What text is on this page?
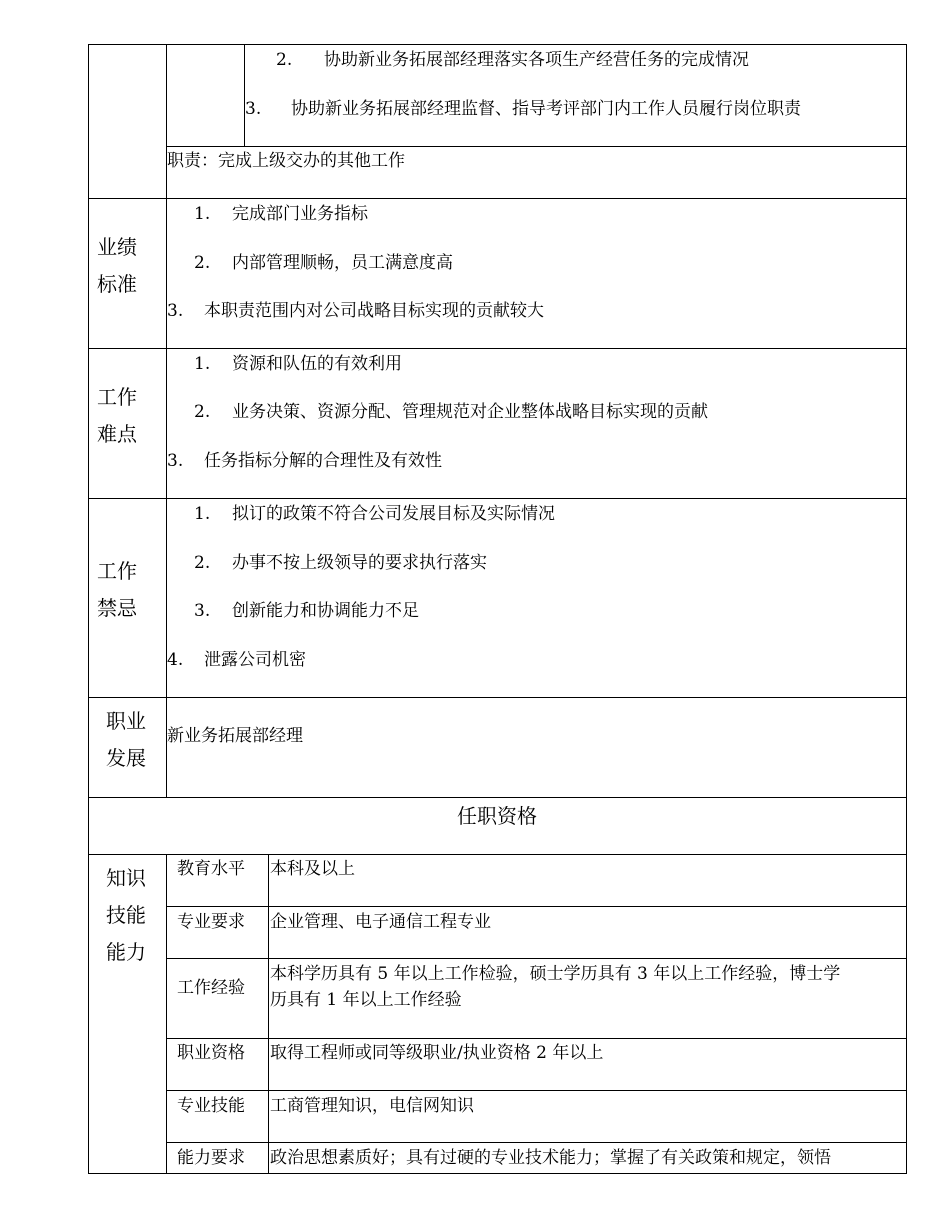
2. 协助新业务拓展部经理落实各项生产经营任务的完成情况
3. 协助新业务拓展部经理监督、指导考评部门内工作人员履行岗位职责
职责：完成上级交办的其他工作
业绩
标准
1. 完成部门业务指标
2. 内部管理顺畅，员工满意度高
3. 本职责范围内对公司战略目标实现的贡献较大
工作
难点
1. 资源和队伍的有效利用
2. 业务决策、资源分配、管理规范对企业整体战略目标实现的贡献
3. 任务指标分解的合理性及有效性
工作
禁忌
1. 拟订的政策不符合公司发展目标及实际情况
2. 办事不按上级领导的要求执行落实
3. 创新能力和协调能力不足
4. 泄露公司机密
职业
发展
新业务拓展部经理
任职资格
知识
技能
能力
教育水平 本科及以上
专业要求 企业管理、电子通信工程专业
工作经验
本科学历具有 5 年以上工作检验，硕士学历具有 3 年以上工作经验，博士学
历具有 1 年以上工作经验
职业资格 取得工程师或同等级职业/执业资格 2 年以上
专业技能 工商管理知识，电信网知识
能力要求 政治思想素质好；具有过硬的专业技术能力；掌握了有关政策和规定，领悟
